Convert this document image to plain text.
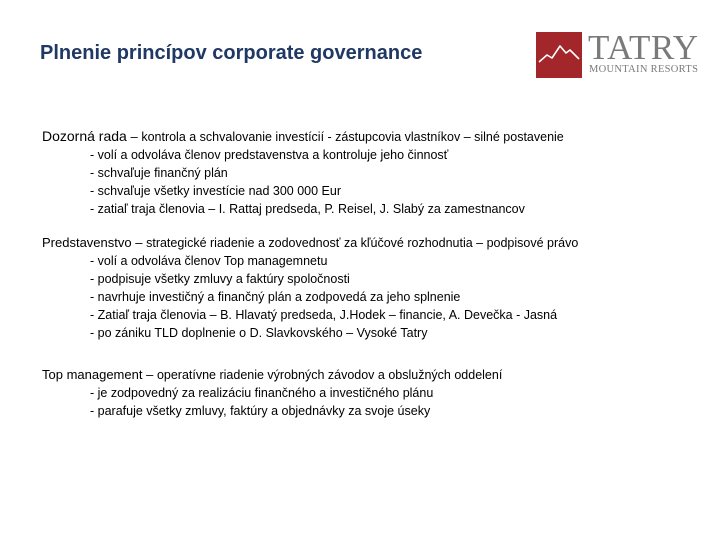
Plnenie princípov corporate governance	TATRY
MOUNTAIN RESORTS
Dozorná rada – kontrola a schvalovanie investícií - zástupcovia vlastníkov – silné postavenie
- volí a odvoláva členov predstavenstva a kontroluje jeho činnosť
- schvaľuje finančný plán
- schvaľuje všetky investície nad 300 000 Eur
- zatiaľ traja členovia – I. Rattaj predseda, P. Reisel, J. Slabý za zamestnancov
Predstavenstvo – strategické riadenie a zodovednosť za kľúčové rozhodnutia – podpisové právo
- volí a odvoláva členov Top managemnetu
- podpisuje všetky zmluvy a faktúry spoločnosti
- navrhuje investičný a finančný plán a zodpovedá za jeho splnenie
- Zatiaľ traja členovia – B. Hlavatý predseda, J.Hodek – financie, A. Devečka - Jasná
- po zániku TLD doplnenie o D. Slavkovského – Vysoké Tatry
Top management – operatívne riadenie výrobných závodov a obslužných oddelení
- je zodpovedný za realizáciu finančného a investičného plánu
- parafuje všetky zmluvy, faktúry a objednávky za svoje úseky
